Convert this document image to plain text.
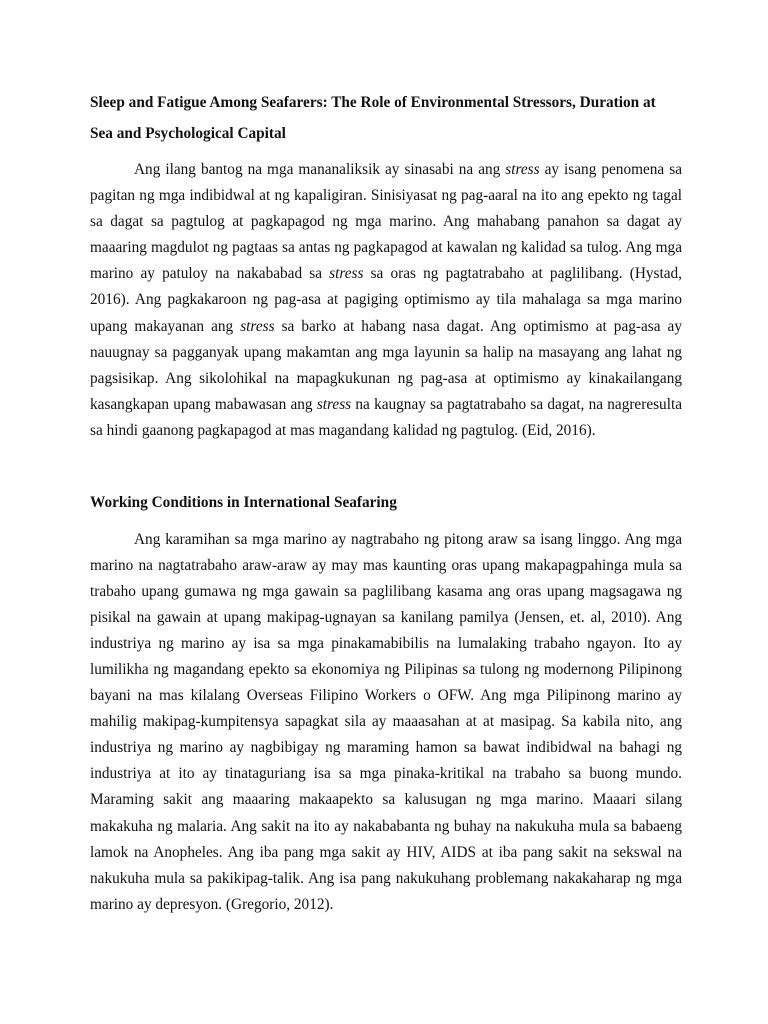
Sleep and Fatigue Among Seafarers: The Role of Environmental Stressors, Duration at Sea and Psychological Capital

Ang ilang bantog na mga mananaliksik ay sinasabi na ang stress ay isang penomena sa pagitan ng mga indibidwal at ng kapaligiran. Sinisiyasat ng pag-aaral na ito ang epekto ng tagal sa dagat sa pagtulog at pagkapagod ng mga marino. Ang mahabang panahon sa dagat ay maaaring magdulot ng pagtaas sa antas ng pagkapagod at kawalan ng kalidad sa tulog. Ang mga marino ay patuloy na nakababad sa stress sa oras ng pagtatrabaho at paglilibang. (Hystad, 2016). Ang pagkakaroon ng pag-asa at pagiging optimismo ay tila mahalaga sa mga marino upang makayanan ang stress sa barko at habang nasa dagat. Ang optimismo at pag-asa ay nauugnay sa pagganyak upang makamtan ang mga layunin sa halip na masayang ang lahat ng pagsisikap. Ang sikolohikal na mapagkukunan ng pag-asa at optimismo ay kinakailangang kasangkapan upang mabawasan ang stress na kaugnay sa pagtatrabaho sa dagat, na nagreresulta sa hindi gaanong pagkapagod at mas magandang kalidad ng pagtulog. (Eid, 2016).

Working Conditions in International Seafaring

Ang karamihan sa mga marino ay nagtrabaho ng pitong araw sa isang linggo. Ang mga marino na nagtatrabaho araw-araw ay may mas kaunting oras upang makapagpahinga mula sa trabaho upang gumawa ng mga gawain sa paglilibang kasama ang oras upang magsagawa ng pisikal na gawain at upang makipag-ugnayan sa kanilang pamilya (Jensen, et. al, 2010). Ang industriya ng marino ay isa sa mga pinakamabibilis na lumalaking trabaho ngayon. Ito ay lumilikha ng magandang epekto sa ekonomiya ng Pilipinas sa tulong ng modernong Pilipinong bayani na mas kilalang Overseas Filipino Workers o OFW. Ang mga Pilipinong marino ay mahilig makipag-kumpitensya sapagkat sila ay maaasahan at at masipag. Sa kabila nito, ang industriya ng marino ay nagbibigay ng maraming hamon sa bawat indibidwal na bahagi ng industriya at ito ay tinataguriang isa sa mga pinaka-kritikal na trabaho sa buong mundo. Maraming sakit ang maaaring makaapekto sa kalusugan ng mga marino. Maaari silang makakuha ng malaria. Ang sakit na ito ay nakababanta ng buhay na nakukuha mula sa babaeng lamok na Anopheles. Ang iba pang mga sakit ay HIV, AIDS at iba pang sakit na sekswal na nakukuha mula sa pakikipag-talik. Ang isa pang nakukuhang problemang nakakaharap ng mga marino ay depresyon. (Gregorio, 2012).
